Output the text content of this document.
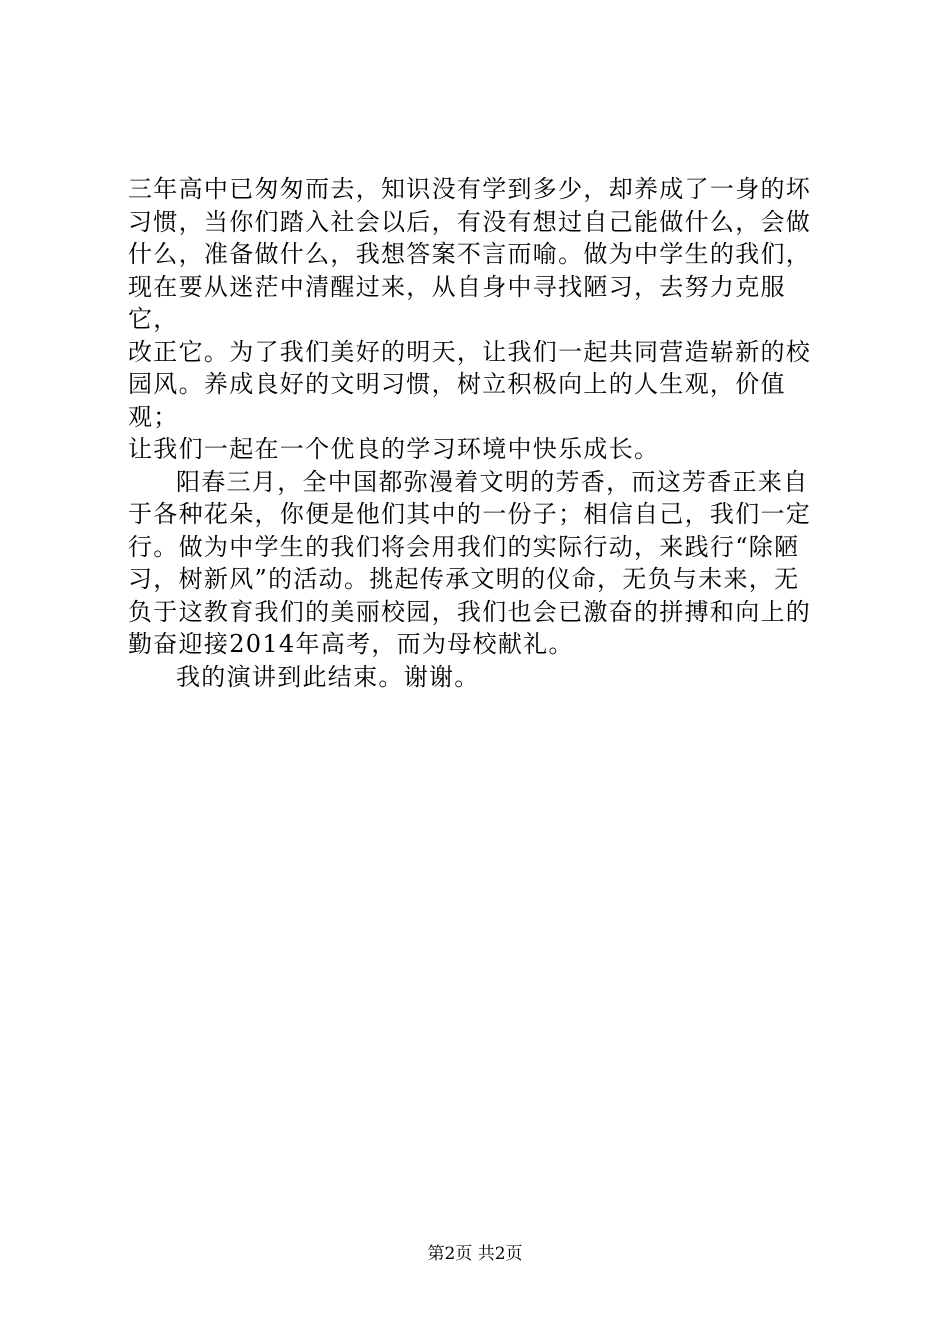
三年高中已匆匆而去，知识没有学到多少，却养成了一身的坏
习惯，当你们踏入社会以后，有没有想过自己能做什么，会做
什么，准备做什么，我想答案不言而喻。做为中学生的我们，
现在要从迷茫中清醒过来，从自身中寻找陋习，去努力克服它，
改正它。为了我们美好的明天，让我们一起共同营造崭新的校
园风。养成良好的文明习惯，树立积极向上的人生观，价值观；
让我们一起在一个优良的学习环境中快乐成长。

阳春三月，全中国都弥漫着文明的芳香，而这芳香正来自
于各种花朵，你便是他们其中的一份子；相信自己，我们一定
行。做为中学生的我们将会用我们的实际行动，来践行“除陋
习，树新风”的活动。挑起传承文明的仪命，无负与未来，无
负于这教育我们的美丽校园，我们也会已激奋的拼搏和向上的
勤奋迎接2014年高考，而为母校献礼。

我的演讲到此结束。谢谢。

第2页 共2页
